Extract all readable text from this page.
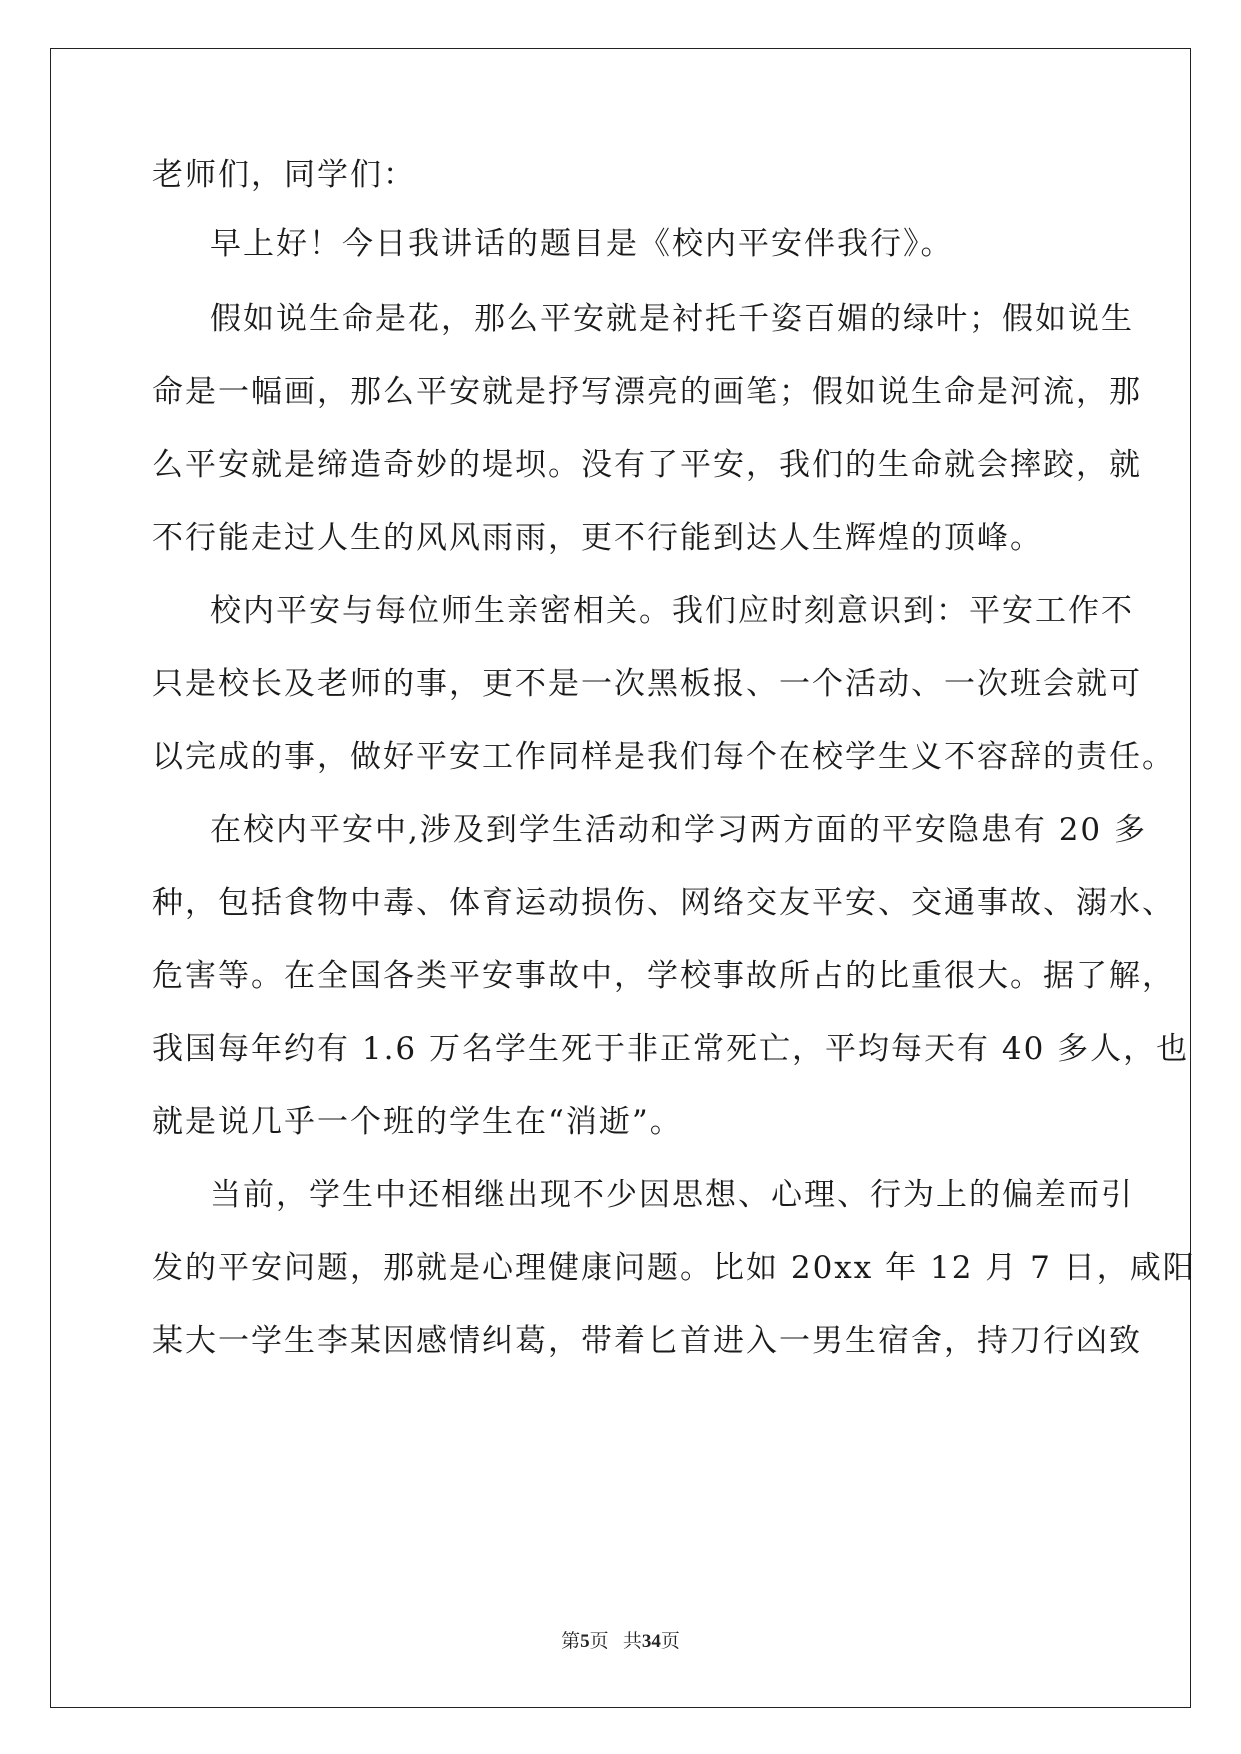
老师们，同学们：
早上好！今日我讲话的题目是《校内平安伴我行》。
假如说生命是花，那么平安就是衬托千姿百媚的绿叶；假如说生
命是一幅画，那么平安就是抒写漂亮的画笔；假如说生命是河流，那
么平安就是缔造奇妙的堤坝。没有了平安，我们的生命就会摔跤，就
不行能走过人生的风风雨雨，更不行能到达人生辉煌的顶峰。
校内平安与每位师生亲密相关。我们应时刻意识到：平安工作不
只是校长及老师的事，更不是一次黑板报、一个活动、一次班会就可
以完成的事，做好平安工作同样是我们每个在校学生义不容辞的责任。
在校内平安中,涉及到学生活动和学习两方面的平安隐患有 20 多
种，包括食物中毒、体育运动损伤、网络交友平安、交通事故、溺水、
危害等。在全国各类平安事故中，学校事故所占的比重很大。据了解，
我国每年约有 1.6 万名学生死于非正常死亡，平均每天有 40 多人，也
就是说几乎一个班的学生在“消逝”。
当前，学生中还相继出现不少因思想、心理、行为上的偏差而引
发的平安问题，那就是心理健康问题。比如 20xx 年 12 月 7 日，咸阳
某大一学生李某因感情纠葛，带着匕首进入一男生宿舍，持刀行凶致
第5页 共34页
